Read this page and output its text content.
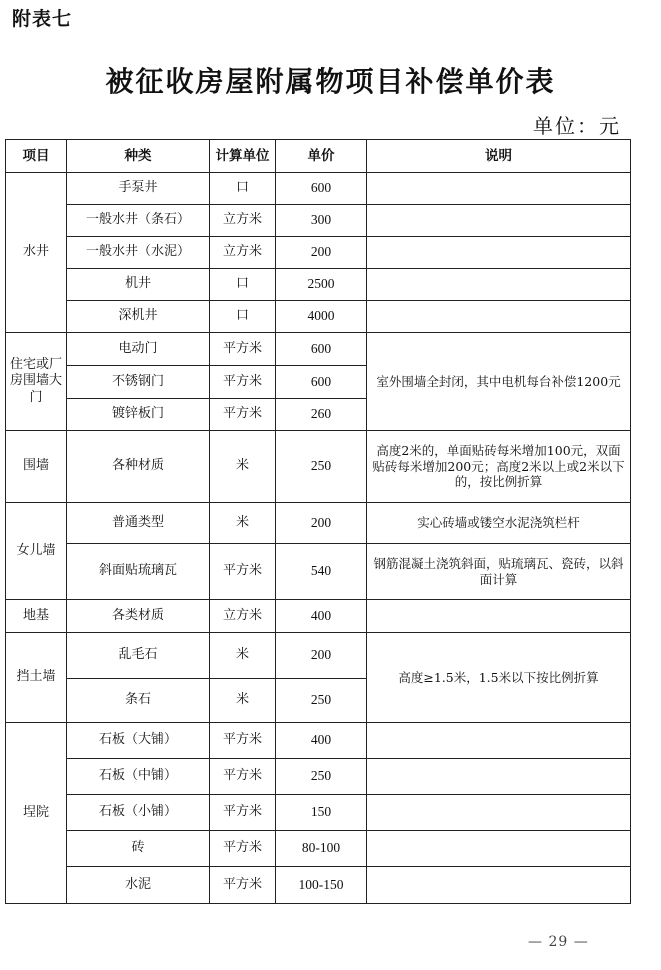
附表七
被征收房屋附属物项目补偿单价表
单位：元
项目	种类	计算单位	单价	说明
水井	手泵井	口	600	
	一般水井（条石）	立方米	300	
	一般水井（水泥）	立方米	200	
	机井	口	2500	
	深机井	口	4000	
住宅或厂房围墙大门	电动门	平方米	600	室外围墙全封闭，其中电机每台补偿1200元
	不锈钢门	平方米	600	
	镀锌板门	平方米	260	
围墙	各种材质	米	250	高度2米的，单面贴砖每米增加100元，双面贴砖每米增加200元；高度2米以上或2米以下的，按比例折算
女儿墙	普通类型	米	200	实心砖墙或镂空水泥浇筑栏杆
	斜面贴琉璃瓦	平方米	540	钢筋混凝土浇筑斜面，贴琉璃瓦、瓷砖，以斜面计算
地基	各类材质	立方米	400	
挡土墙	乱毛石	米	200	高度≥1.5米，1.5米以下按比例折算
	条石	米	250	
埕院	石板（大铺）	平方米	400	
	石板（中铺）	平方米	250	
	石板（小铺）	平方米	150	
	砖	平方米	80-100	
	水泥	平方米	100-150	
— 29 —
